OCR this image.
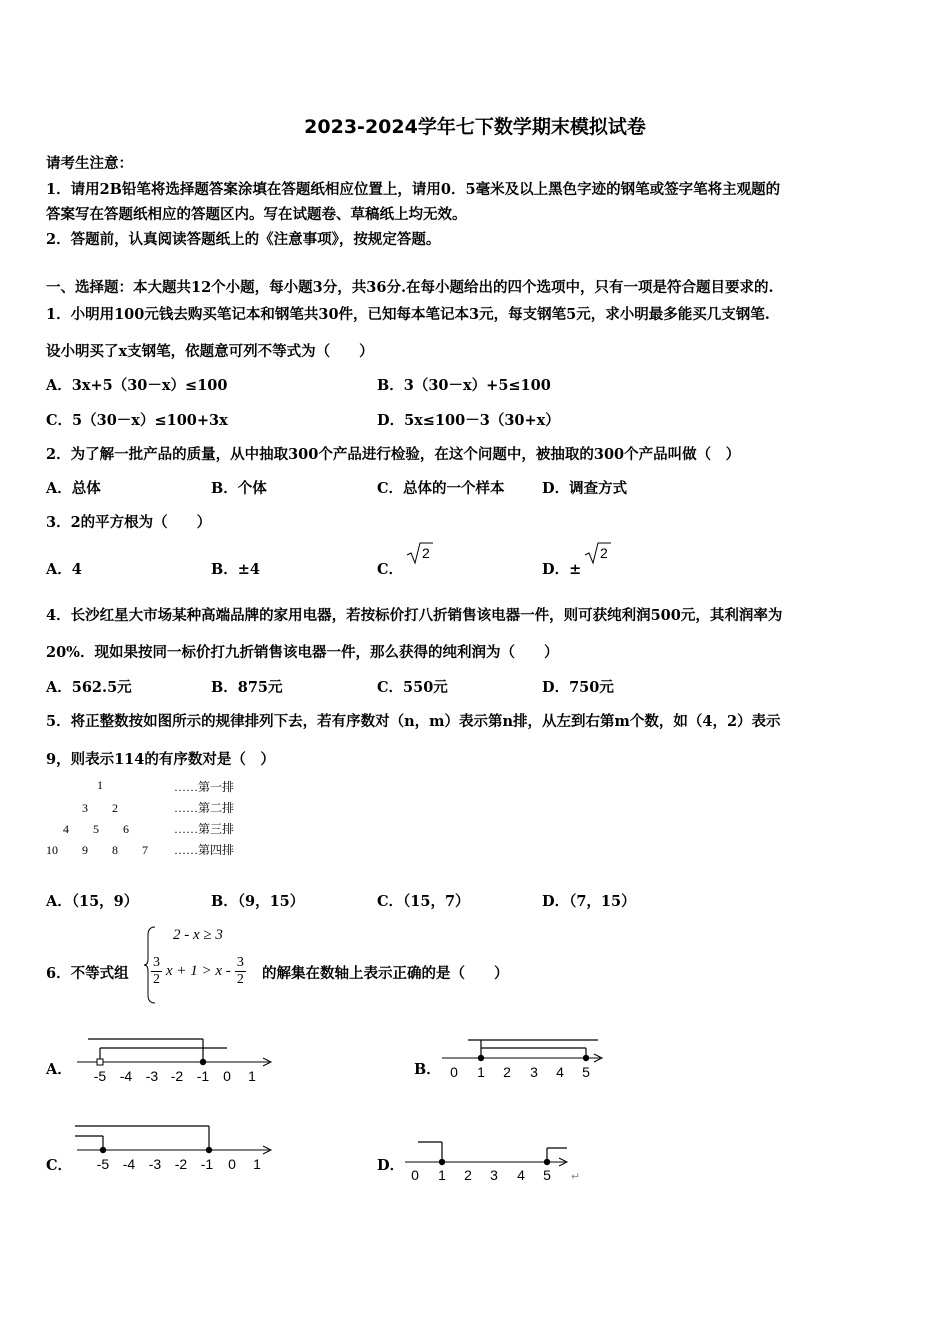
2023-2024学年七下数学期末模拟试卷
请考生注意：
1．请用2B铅笔将选择题答案涂填在答题纸相应位置上，请用0．5毫米及以上黑色字迹的钢笔或签字笔将主观题的
答案写在答题纸相应的答题区内。写在试题卷、草稿纸上均无效。
2．答题前，认真阅读答题纸上的《注意事项》，按规定答题。
一、选择题：本大题共12个小题，每小题3分，共36分.在每小题给出的四个选项中，只有一项是符合题目要求的.
1．小明用100元钱去购买笔记本和钢笔共30件，已知每本笔记本3元，每支钢笔5元，求小明最多能买几支钢笔.
设小明买了x支钢笔，依题意可列不等式为（　　）
A．3x+5（30－x）≤100	B．3（30－x）+5≤100
C．5（30－x）≤100+3x	D．5x≤100－3（30+x）
2．为了解一批产品的质量，从中抽取300个产品进行检验，在这个问题中，被抽取的300个产品叫做（　）
A．总体	B．个体	C．总体的一个样本	D．调查方式
3．2的平方根为（　　）
A．4	B．±4	C．
2
D．±
2
4．长沙红星大市场某种高端品牌的家用电器，若按标价打八折销售该电器一件，则可获纯利润500元，其利润率为
20%．现如果按同一标价打九折销售该电器一件，那么获得的纯利润为（　　）
A．562.5元	B．875元	C．550元	D．750元
5．将正整数按如图所示的规律排列下去，若有序数对（n，m）表示第n排，从左到右第m个数，如（4，2）表示
9，则表示114的有序数对是（　）
1	……第一排
3　　2	……第二排
4　　5　　6	……第三排
10　　9　　8　　7 ……第四排
A．（15，9）	B．（9，15）	C．（15，7）	D．（7，15）
6．不等式组
2 - x ≥ 3
$\frac{3}{2}$ $x + 1 > x - \frac{3}{2}$ 的解集在数轴上表示正确的是（　　）
A． -5 -4 -3 -2 -1 0 1	B． 0 1 2 3 4 5
C． -5 -4 -3 -2 -1 0 1	D．
0 1 2 3 4 5 ↵
